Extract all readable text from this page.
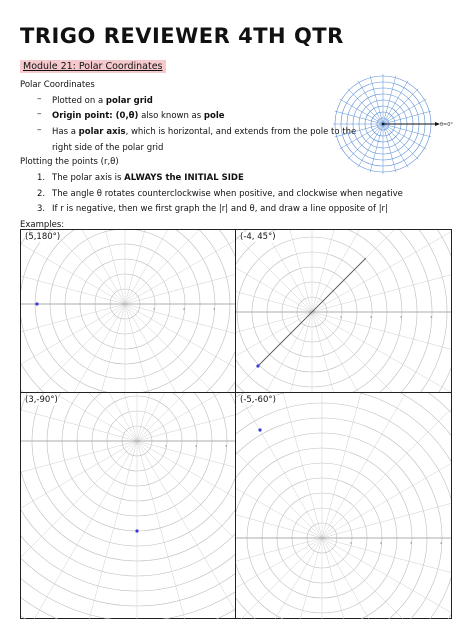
TRIGO REVIEWER 4TH QTR
Module 21: Polar Coordinates
Polar Coordinates
– Plotted on a polar grid
– Origin point: (0,θ) also known as pole
– Has a polar axis, which is horizontal, and extends from the pole to the
right side of the polar grid
Plotting the points (r,θ)
1. The polar axis is ALWAYS the INITIAL SIDE
2. The angle θ rotates counterclockwise when positive, and clockwise when negative
3. If r is negative, then we first graph the |r| and θ, and draw a line opposite of |r|
Examples:
θ=0°
(5,180°)
1	2	3
(-4, 45°)
1	2	3	4
(3,-90°)
1	2	3
(-5,-60°)
1	2	3	4
